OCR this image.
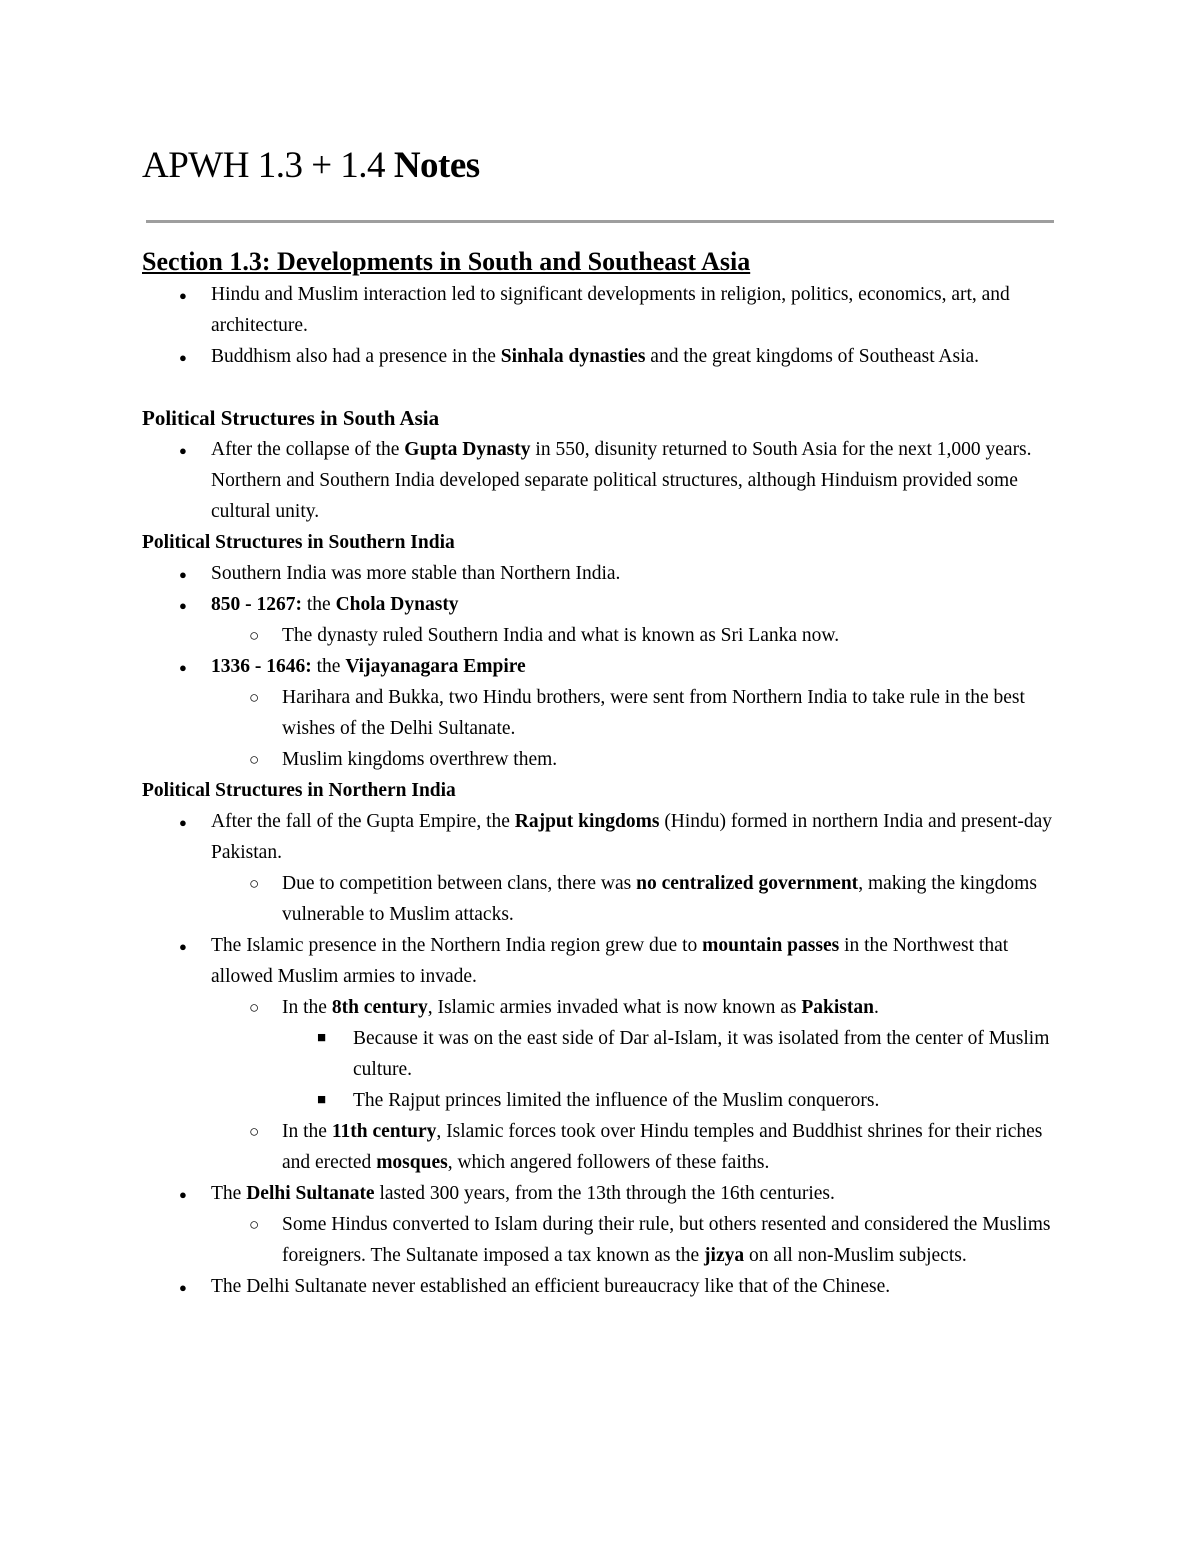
APWH 1.3 + 1.4 Notes
Section 1.3: Developments in South and Southeast Asia
● Hindu and Muslim interaction led to significant developments in religion, politics, economics, art, and architecture.
● Buddhism also had a presence in the Sinhala dynasties and the great kingdoms of Southeast Asia.
Political Structures in South Asia
● After the collapse of the Gupta Dynasty in 550, disunity returned to South Asia for the next 1,000 years. Northern and Southern India developed separate political structures, although Hinduism provided some cultural unity.
Political Structures in Southern India
● Southern India was more stable than Northern India.
● 850 - 1267: the Chola Dynasty
○ The dynasty ruled Southern India and what is known as Sri Lanka now.
● 1336 - 1646: the Vijayanagara Empire
○ Harihara and Bukka, two Hindu brothers, were sent from Northern India to take rule in the best wishes of the Delhi Sultanate.
○ Muslim kingdoms overthrew them.
Political Structures in Northern India
● After the fall of the Gupta Empire, the Rajput kingdoms (Hindu) formed in northern India and present-day Pakistan.
○ Due to competition between clans, there was no centralized government, making the kingdoms vulnerable to Muslim attacks.
● The Islamic presence in the Northern India region grew due to mountain passes in the Northwest that allowed Muslim armies to invade.
○ In the 8th century, Islamic armies invaded what is now known as Pakistan.
■ Because it was on the east side of Dar al-Islam, it was isolated from the center of Muslim culture.
■ The Rajput princes limited the influence of the Muslim conquerors.
○ In the 11th century, Islamic forces took over Hindu temples and Buddhist shrines for their riches and erected mosques, which angered followers of these faiths.
● The Delhi Sultanate lasted 300 years, from the 13th through the 16th centuries.
○ Some Hindus converted to Islam during their rule, but others resented and considered the Muslims foreigners. The Sultanate imposed a tax known as the jizya on all non-Muslim subjects.
● The Delhi Sultanate never established an efficient bureaucracy like that of the Chinese.
